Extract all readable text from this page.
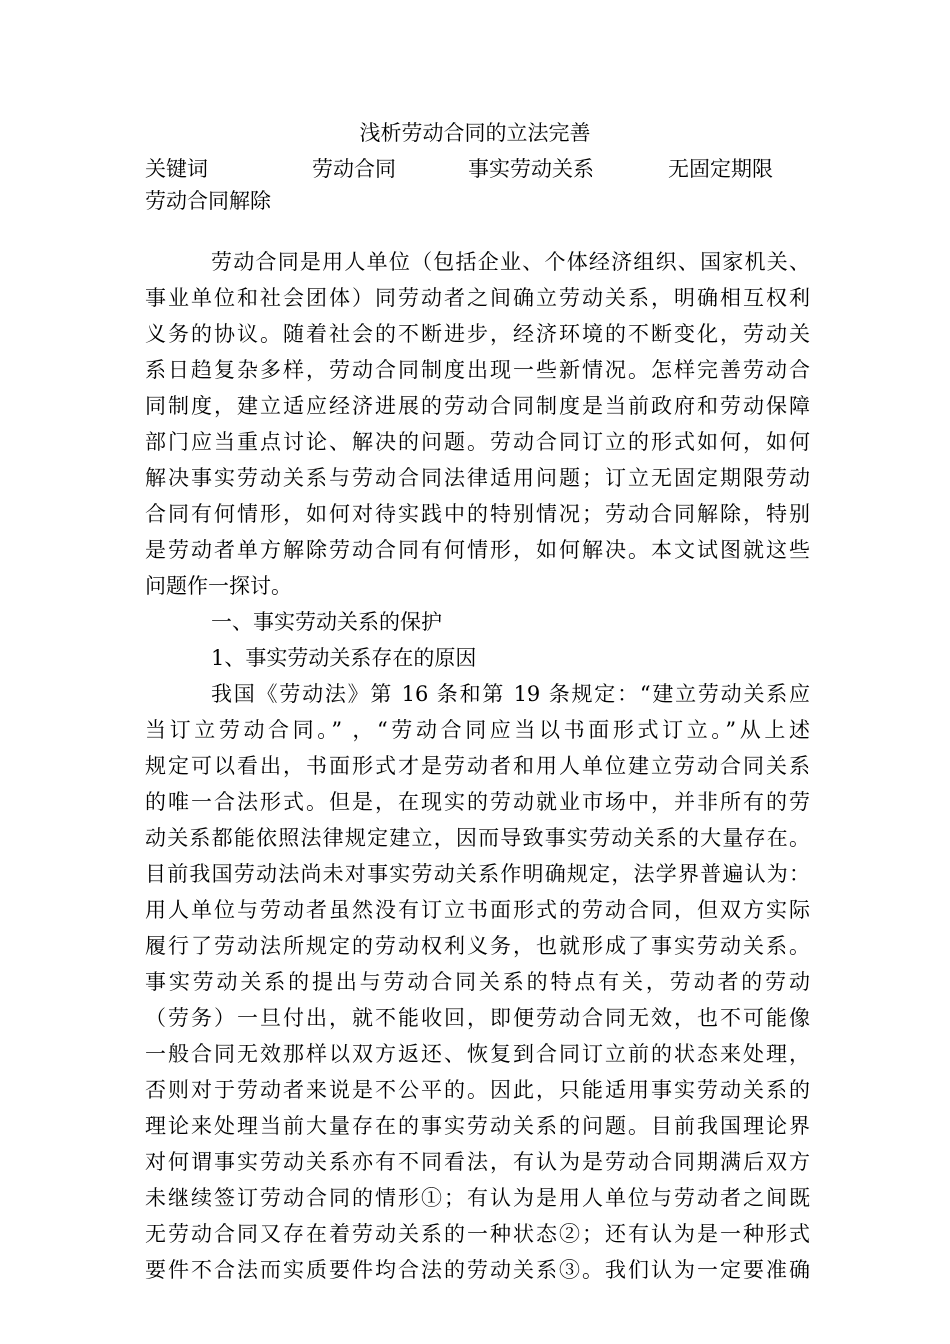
浅析劳动合同的立法完善
关键词	劳动合同	事实劳动关系	无固定期限
劳动合同解除
劳动合同是用人单位（包括企业、个体经济组织、国家机关、
事业单位和社会团体）同劳动者之间确立劳动关系，明确相互权利
义务的协议。随着社会的不断进步，经济环境的不断变化，劳动关
系日趋复杂多样，劳动合同制度出现一些新情况。怎样完善劳动合
同制度，建立适应经济进展的劳动合同制度是当前政府和劳动保障
部门应当重点讨论、解决的问题。劳动合同订立的形式如何，如何
解决事实劳动关系与劳动合同法律适用问题；订立无固定期限劳动
合同有何情形，如何对待实践中的特别情况；劳动合同解除，特别
是劳动者单方解除劳动合同有何情形，如何解决。本文试图就这些
问题作一探讨。
一、事实劳动关系的保护
1、事实劳动关系存在的原因
我国《劳动法》第 16 条和第 19 条规定：“建立劳动关系应
当订立劳动合同。” ，“劳动合同应当以书面形式订立。”从上述
规定可以看出，书面形式才是劳动者和用人单位建立劳动合同关系
的唯一合法形式。但是，在现实的劳动就业市场中，并非所有的劳
动关系都能依照法律规定建立，因而导致事实劳动关系的大量存在。
目前我国劳动法尚未对事实劳动关系作明确规定，法学界普遍认为：
用人单位与劳动者虽然没有订立书面形式的劳动合同，但双方实际
履行了劳动法所规定的劳动权利义务，也就形成了事实劳动关系。
事实劳动关系的提出与劳动合同关系的特点有关，劳动者的劳动
（劳务）一旦付出，就不能收回，即便劳动合同无效，也不可能像
一般合同无效那样以双方返还、恢复到合同订立前的状态来处理，
否则对于劳动者来说是不公平的。因此，只能适用事实劳动关系的
理论来处理当前大量存在的事实劳动关系的问题。目前我国理论界
对何谓事实劳动关系亦有不同看法，有认为是劳动合同期满后双方
未继续签订劳动合同的情形①；有认为是用人单位与劳动者之间既
无劳动合同又存在着劳动关系的一种状态②；还有认为是一种形式
要件不合法而实质要件均合法的劳动关系③。我们认为一定要准确
